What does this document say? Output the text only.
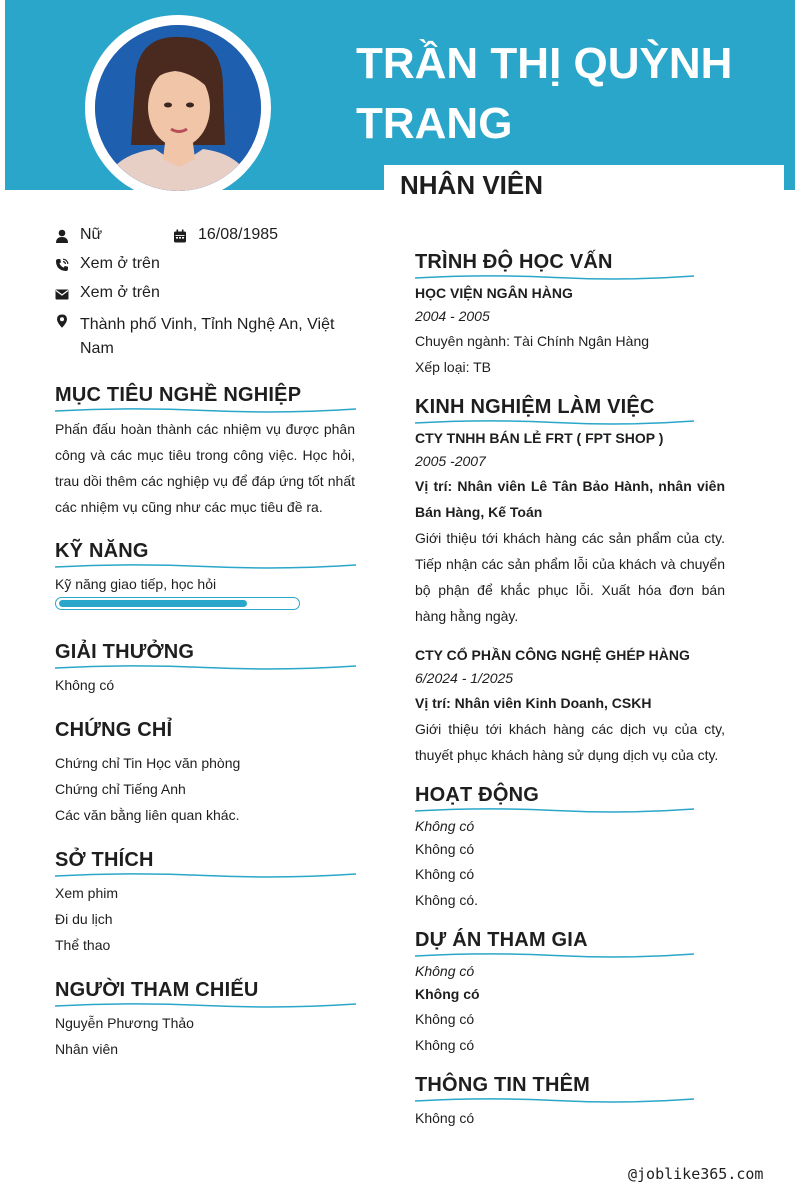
TRẦN THỊ QUỲNH TRANG
NHÂN VIÊN
Nữ	16/08/1985
Xem ở trên
Xem ở trên
Thành phố Vinh, Tỉnh Nghệ An, Việt Nam
MỤC TIÊU NGHỀ NGHIỆP
Phấn đấu hoàn thành các nhiệm vụ được phân công và các mục tiêu trong công việc. Học hỏi, trau dồi thêm các nghiệp vụ để đáp ứng tốt nhất các nhiệm vụ cũng như các mục tiêu đề ra.
KỸ NĂNG
Kỹ năng giao tiếp, học hỏi
GIẢI THƯỞNG
Không có
CHỨNG CHỈ
Chứng chỉ Tin Học văn phòng
Chứng chỉ Tiếng Anh
Các văn bằng liên quan khác.
SỞ THÍCH
Xem phim
Đi du lịch
Thể thao
NGƯỜI THAM CHIẾU
Nguyễn Phương Thảo
Nhân viên
TRÌNH ĐỘ HỌC VẤN
HỌC VIỆN NGÂN HÀNG
2004 - 2005
Chuyên ngành: Tài Chính Ngân Hàng
Xếp loại: TB
KINH NGHIỆM LÀM VIỆC
CTY TNHH BÁN LẺ FRT ( FPT SHOP )
2005 -2007
Vị trí: Nhân viên Lê Tân Bảo Hành, nhân viên Bán Hàng, Kế Toán
Giới thiệu tới khách hàng các sản phẩm của cty. Tiếp nhận các sản phẩm lỗi của khách và chuyển bộ phận để khắc phục lỗi. Xuất hóa đơn bán hàng hằng ngày.
CTY CỔ PHẦN CÔNG NGHỆ GHÉP HÀNG
6/2024 - 1/2025
Vị trí: Nhân viên Kinh Doanh, CSKH
Giới thiệu tới khách hàng các dịch vụ của cty, thuyết phục khách hàng sử dụng dịch vụ của cty.
HOẠT ĐỘNG
Không có
Không có
Không có
Không có.
DỰ ÁN THAM GIA
Không có
Không có
Không có
Không có
THÔNG TIN THÊM
Không có
@joblike365.com
